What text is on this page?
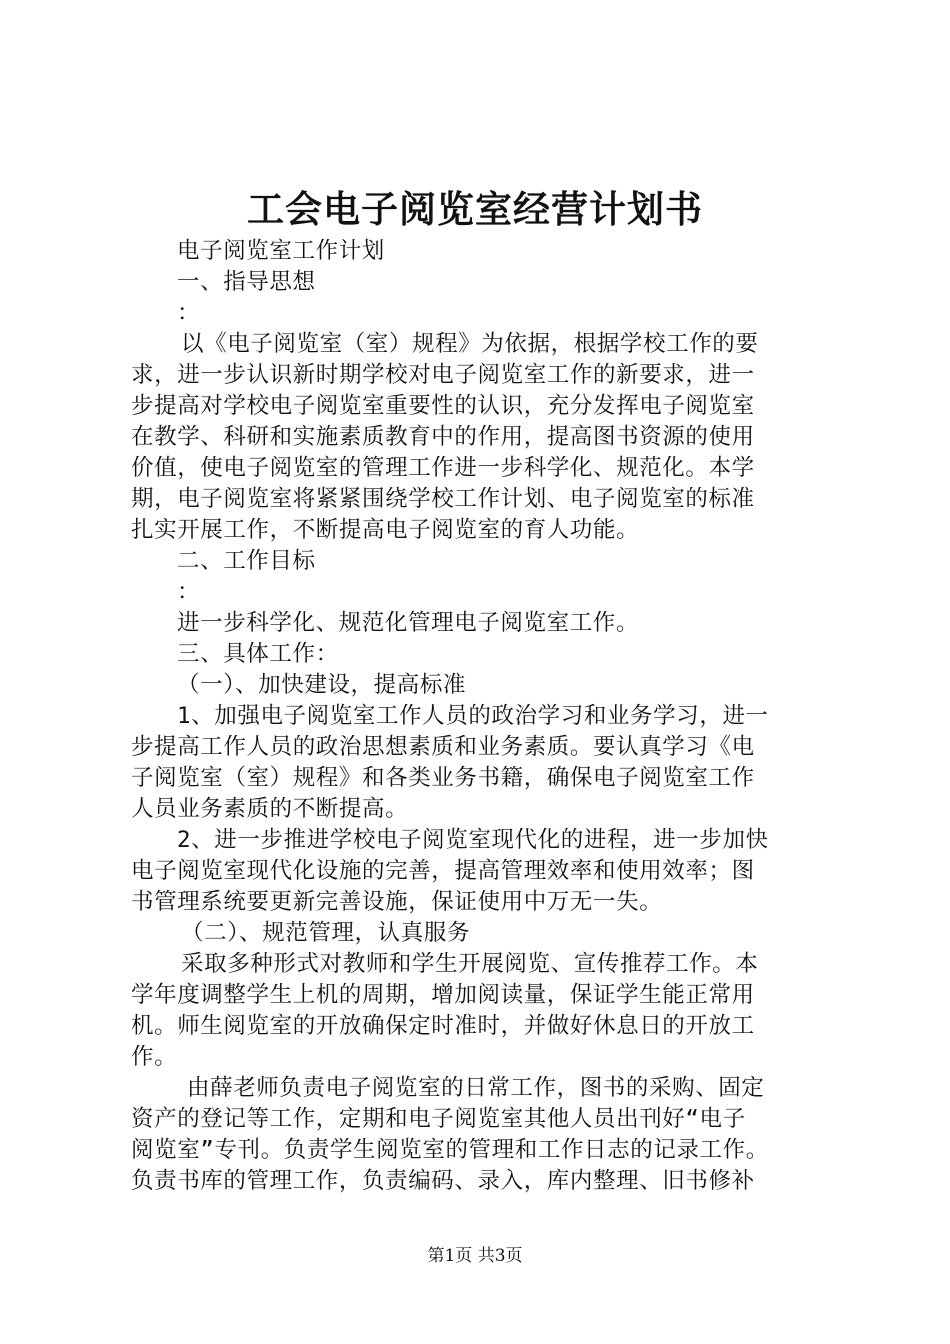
工会电子阅览室经营计划书
电子阅览室工作计划
一、指导思想
：
以《电子阅览室（室）规程》为依据，根据学校工作的要
求，进一步认识新时期学校对电子阅览室工作的新要求，进一
步提高对学校电子阅览室重要性的认识，充分发挥电子阅览室
在教学、科研和实施素质教育中的作用，提高图书资源的使用
价值，使电子阅览室的管理工作进一步科学化、规范化。本学
期，电子阅览室将紧紧围绕学校工作计划、电子阅览室的标准
扎实开展工作，不断提高电子阅览室的育人功能。
二、工作目标
：
进一步科学化、规范化管理电子阅览室工作。
三、具体工作：
（一）、加快建设，提高标准
1、加强电子阅览室工作人员的政治学习和业务学习，进一
步提高工作人员的政治思想素质和业务素质。要认真学习《电
子阅览室（室）规程》和各类业务书籍，确保电子阅览室工作
人员业务素质的不断提高。
2、进一步推进学校电子阅览室现代化的进程，进一步加快
电子阅览室现代化设施的完善，提高管理效率和使用效率；图
书管理系统要更新完善设施，保证使用中万无一失。
（二）、规范管理，认真服务
采取多种形式对教师和学生开展阅览、宣传推荐工作。本
学年度调整学生上机的周期，增加阅读量，保证学生能正常用
机。师生阅览室的开放确保定时准时，并做好休息日的开放工
作。
由薛老师负责电子阅览室的日常工作，图书的采购、固定
资产的登记等工作，定期和电子阅览室其他人员出刊好“电子
阅览室”专刊。负责学生阅览室的管理和工作日志的记录工作。
负责书库的管理工作，负责编码、录入，库内整理、旧书修补
第1页 共3页
